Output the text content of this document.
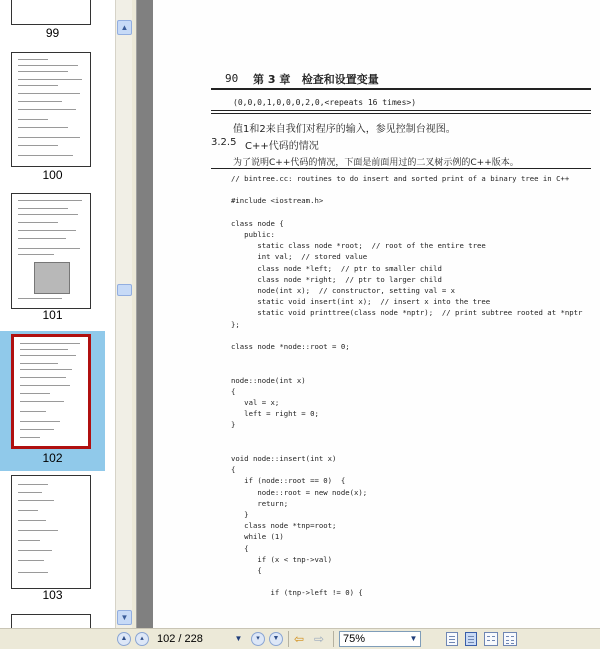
99
100
101
102
103
▲
▼
90 第 3 章   检查和设置变量
(0,0,0,1,0,0,0,2,0,<repeats 16 times>)
值1和2来自我们对程序的输入，参见控制台视图。
3.2.5 C++代码的情况
为了说明C++代码的情况，下面是前面用过的二叉树示例的C++版本。
// bintree.cc: routines to do insert and sorted print of a binary tree in C++
#include <iostream.h>
class node {
public:
static class node *root;  // root of the entire tree
int val;  // stored value
class node *left;  // ptr to smaller child
class node *right;  // ptr to larger child
node(int x);  // constructor, setting val = x
static void insert(int x);  // insert x into the tree
static void printtree(class node *nptr);  // print subtree rooted at *nptr
};
class node *node::root = 0;
node::node(int x)
{
val = x;
left = right = 0;
}
void node::insert(int x)
{
if (node::root == 0)  {
node::root = new node(x);
return;
}
class node *tnp=root;
while (1)
{
if (x < tnp->val)
{
if (tnp->left != 0) {
▲	▴	102 / 228	▼	▾	▼ ⇦ ⇨	75%	▼
